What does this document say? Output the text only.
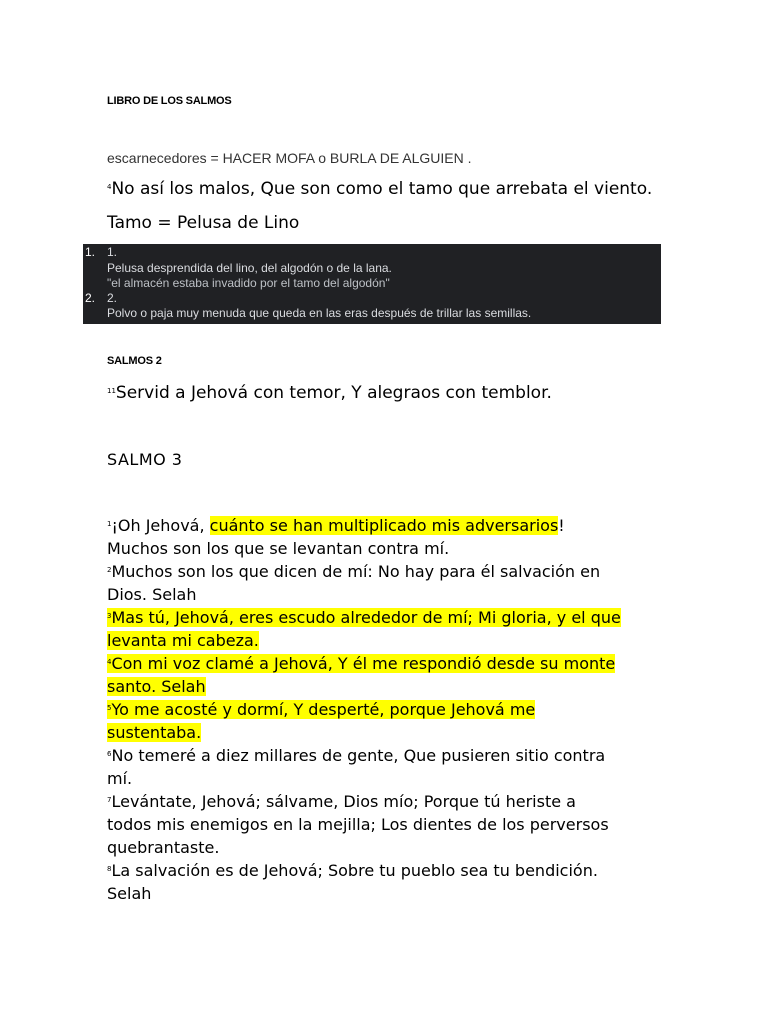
LIBRO DE LOS SALMOS
escarnecedores = HACER MOFA o BURLA DE ALGUIEN .
$^4$No así los malos, Que son como el tamo que arrebata el viento.
Tamo = Pelusa de Lino
1. 1.
Pelusa desprendida del lino, del algodón o de la lana.
"el almacén estaba invadido por el tamo del algodón"
2. 2.
Polvo o paja muy menuda que queda en las eras después de trillar las semillas.
SALMOS 2
$^{11}$Servid a Jehová con temor, Y alegraos con temblor.
SALMO 3
$^1$¡Oh Jehová, cuánto se han multiplicado mis adversarios!
Muchos son los que se levantan contra mí.
$^2$Muchos son los que dicen de mí: No hay para él salvación en
Dios. Selah
$^3$Mas tú, Jehová, eres escudo alrededor de mí; Mi gloria, y el que
levanta mi cabeza.
$^4$Con mi voz clamé a Jehová, Y él me respondió desde su monte
santo. Selah
$^5$Yo me acosté y dormí, Y desperté, porque Jehová me
sustentaba.
$^6$No temeré a diez millares de gente, Que pusieren sitio contra
mí.
$^7$Levántate, Jehová; sálvame, Dios mío; Porque tú heriste a
todos mis enemigos en la mejilla; Los dientes de los perversos
quebrantaste.
$^8$La salvación es de Jehová; Sobre tu pueblo sea tu bendición.
Selah
